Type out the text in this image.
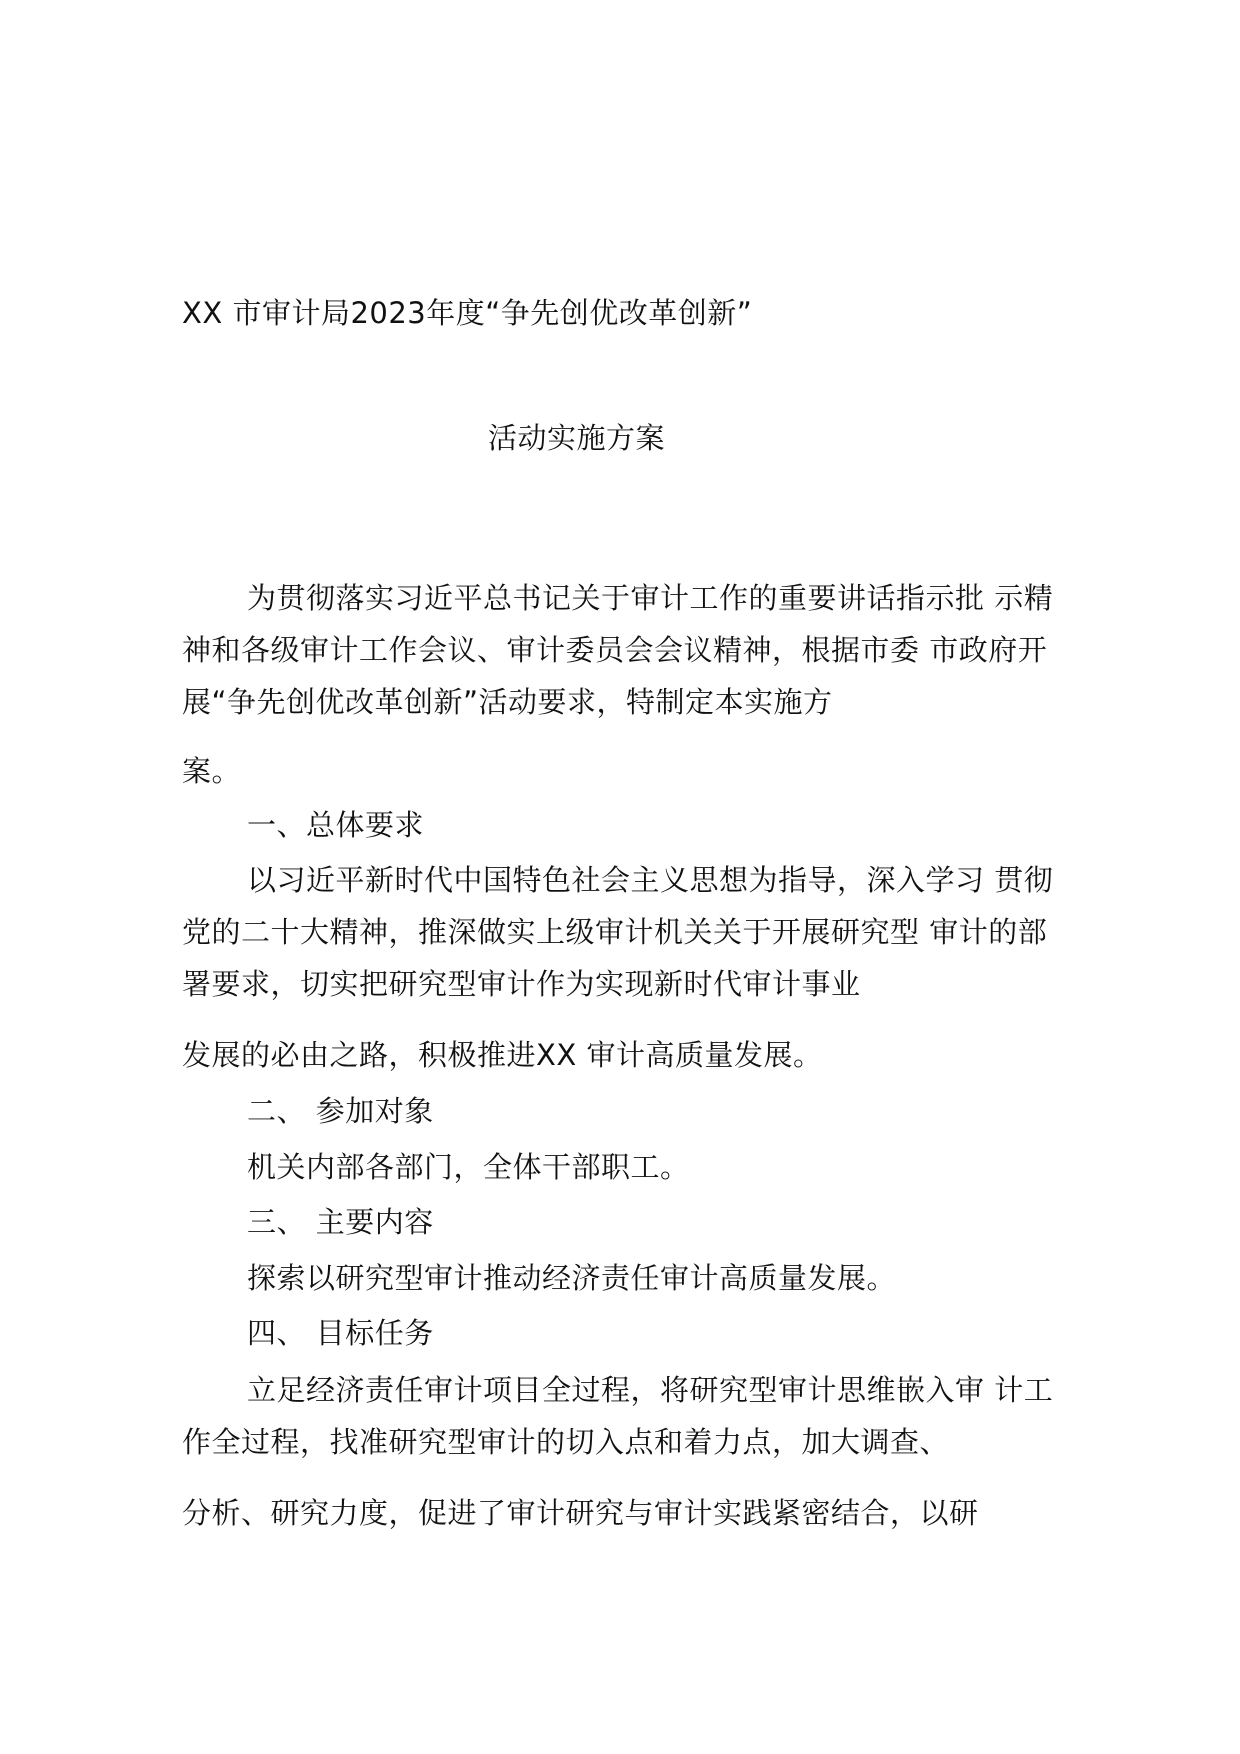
XX 市审计局2023年度“争先创优改革创新”
活动实施方案
为贯彻落实习近平总书记关于审计工作的重要讲话指示批 示精
神和各级审计工作会议、审计委员会会议精神，根据市委 市政府开
展“争先创优改革创新”活动要求，特制定本实施方
案。
一、总体要求
以习近平新时代中国特色社会主义思想为指导，深入学习 贯彻
党的二十大精神，推深做实上级审计机关关于开展研究型 审计的部
署要求，切实把研究型审计作为实现新时代审计事业
发展的必由之路，积极推进XX 审计高质量发展。
二、 参加对象
机关内部各部门，全体干部职工。
三、 主要内容
探索以研究型审计推动经济责任审计高质量发展。
四、 目标任务
立足经济责任审计项目全过程，将研究型审计思维嵌入审 计工
作全过程，找准研究型审计的切入点和着力点，加大调查、
分析、研究力度，促进了审计研究与审计实践紧密结合，以研
